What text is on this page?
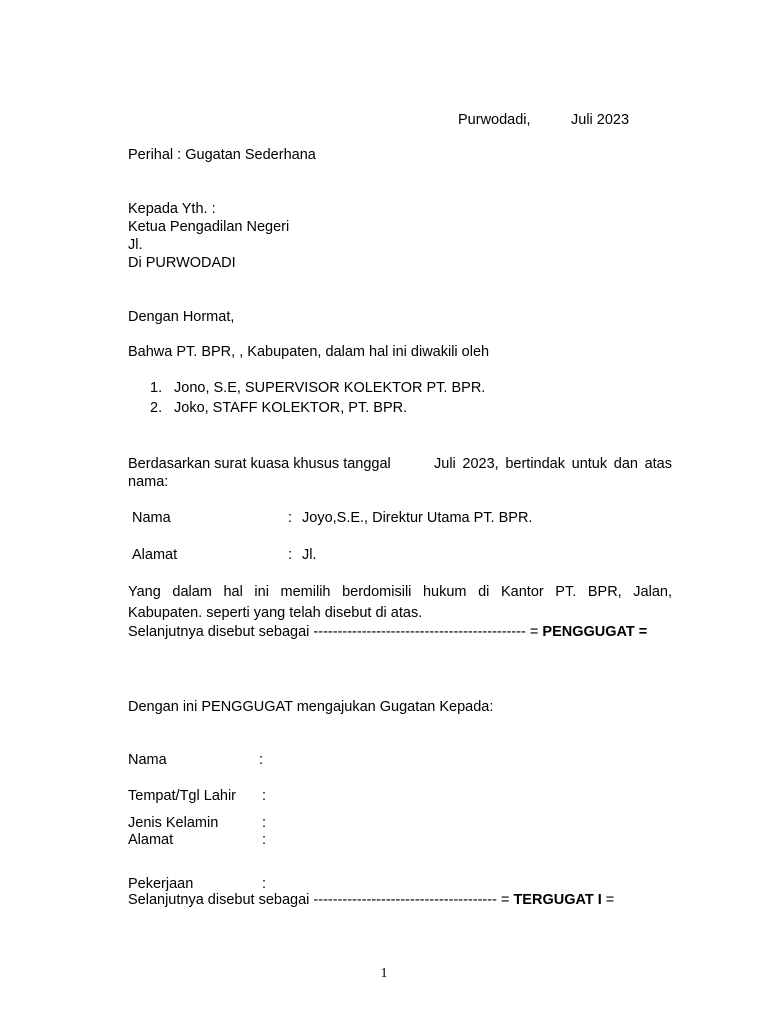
Purwodadi,	Juli 2023
Perihal : Gugatan Sederhana
Kepada Yth. :
Ketua Pengadilan Negeri
Jl.
Di PURWODADI
Dengan Hormat,
Bahwa PT. BPR, , Kabupaten, dalam hal ini diwakili oleh
1. Jono, S.E, SUPERVISOR KOLEKTOR PT. BPR.
2. Joko, STAFF KOLEKTOR, PT. BPR.
Berdasarkan surat kuasa khusus tanggal	Juli 2023, bertindak untuk dan atas
nama:
Nama	: Joyo,S.E., Direktur Utama PT. BPR.
Alamat	: Jl.
Yang dalam hal ini memilih berdomisili hukum di Kantor PT. BPR, Jalan,
Kabupaten. seperti yang telah disebut di atas.
Selanjutnya disebut sebagai -------------------------------------------- = PENGGUGAT =
Dengan ini PENGGUGAT mengajukan Gugatan Kepada:
Nama	:
Tempat/Tgl Lahir :
Jenis Kelamin	:
Alamat	:
Pekerjaan	:
Selanjutnya disebut sebagai -------------------------------------- = TERGUGAT I =
1
